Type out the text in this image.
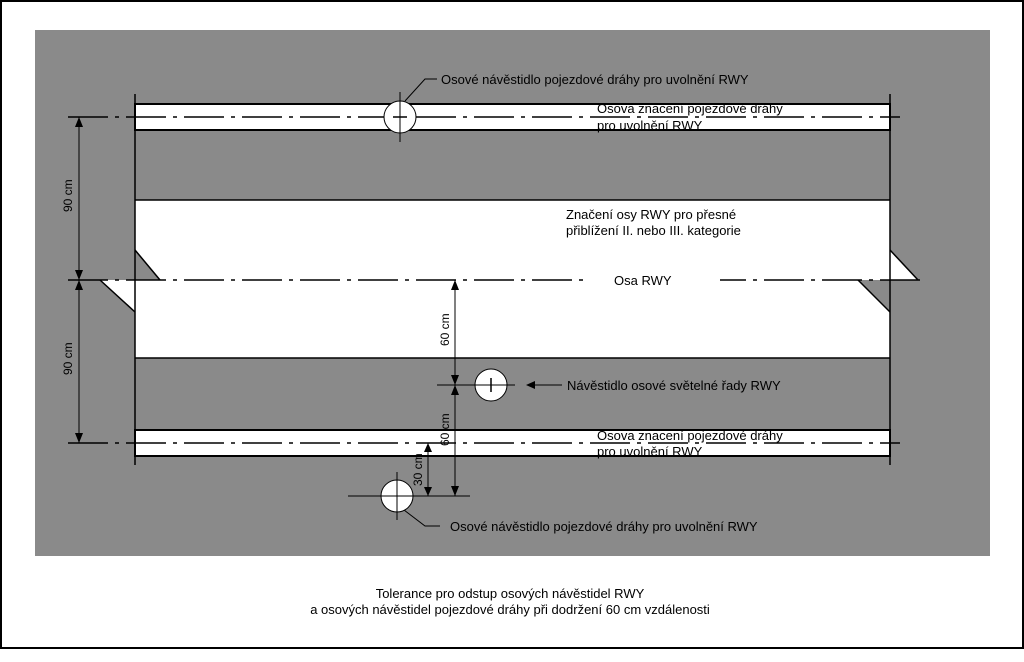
Osové návěstidlo pojezdové dráhy pro uvolnění RWY
Osova znacení pojezdové dráhy
pro uvolnění RWY
Značení osy RWY pro přesné
přiblížení II. nebo III. kategorie
Osa RWY
Návěstidlo osové světelné řady RWY
Osova znacení pojezdové dráhy
pro uvolnění RWY
Osové návěstidlo pojezdové dráhy pro uvolnění RWY
90 cm
90 cm
60 cm
60 cm
30 cm
Tolerance pro odstup osových návěstidel RWY
a osových návěstidel pojezdové dráhy při dodržení 60 cm vzdálenosti
